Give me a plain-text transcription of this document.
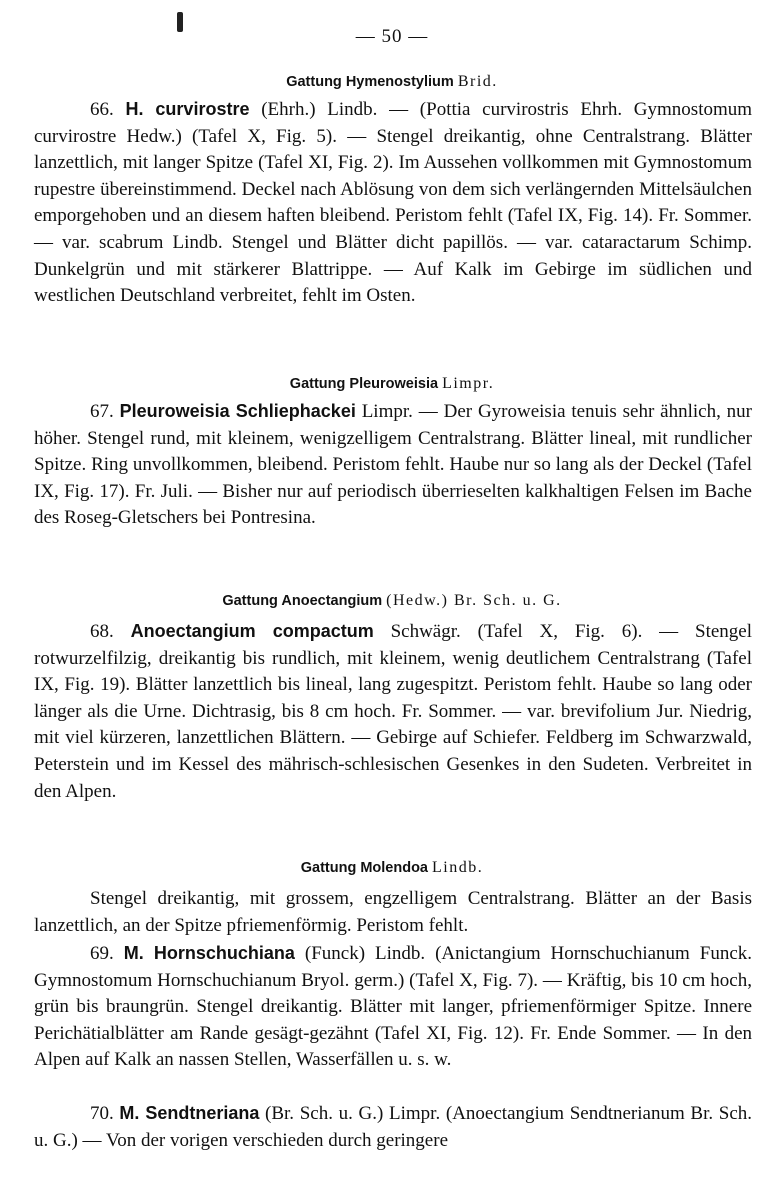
— 50 —
Gattung Hymenostylium Brid.

66. H. curvirostre (Ehrh.) Lindb. — (Pottia curvirostris Ehrh. Gymnostomum curvirostre Hedw.) (Tafel X, Fig. 5). — Stengel dreikantig, ohne Centralstrang. Blätter lanzettlich, mit langer Spitze (Tafel XI, Fig. 2). Im Aussehen vollkommen mit Gymnostomum rupestre übereinstimmend. Deckel nach Ablösung von dem sich verlängernden Mittelsäulchen emporgehoben und an diesem haften bleibend. Peristom fehlt (Tafel IX, Fig. 14). Fr. Sommer. — var. scabrum Lindb. Stengel und Blätter dicht papillös. — var. cataractarum Schimp. Dunkelgrün und mit stärkerer Blattrippe. — Auf Kalk im Gebirge im südlichen und westlichen Deutschland verbreitet, fehlt im Osten.

Gattung Pleuroweisia Limpr.

67. Pleuroweisia Schliephackei Limpr. — Der Gyroweisia tenuis sehr ähnlich, nur höher. Stengel rund, mit kleinem, wenigzelligem Centralstrang. Blätter lineal, mit rundlicher Spitze. Ring unvollkommen, bleibend. Peristom fehlt. Haube nur so lang als der Deckel (Tafel IX, Fig. 17). Fr. Juli. — Bisher nur auf periodisch überrieselten kalkhaltigen Felsen im Bache des Roseg-Gletschers bei Pontresina.

Gattung Anoectangium (Hedw.) Br. Sch. u. G.

68. Anoectangium compactum Schwägr. (Tafel X, Fig. 6). — Stengel rotwurzelfilzig, dreikantig bis rundlich, mit kleinem, wenig deutlichem Centralstrang (Tafel IX, Fig. 19). Blätter lanzettlich bis lineal, lang zugespitzt. Peristom fehlt. Haube so lang oder länger als die Urne. Dichtrasig, bis 8 cm hoch. Fr. Sommer. — var. brevifolium Jur. Niedrig, mit viel kürzeren, lanzettlichen Blättern. — Gebirge auf Schiefer. Feldberg im Schwarzwald, Peterstein und im Kessel des mährisch-schlesischen Gesenkes in den Sudeten. Verbreitet in den Alpen.

Gattung Molendoa Lindb.

Stengel dreikantig, mit grossem, engzelligem Centralstrang. Blätter an der Basis lanzettlich, an der Spitze pfriemenförmig. Peristom fehlt.

69. M. Hornschuchiana (Funck) Lindb. (Anictangium Hornschuchianum Funck. Gymnostomum Hornschuchianum Bryol. germ.) (Tafel X, Fig. 7). — Kräftig, bis 10 cm hoch, grün bis braungrün. Stengel dreikantig. Blätter mit langer, pfriemenförmiger Spitze. Innere Perichätialblätter am Rande gesägt-gezähnt (Tafel XI, Fig. 12). Fr. Ende Sommer. — In den Alpen auf Kalk an nassen Stellen, Wasserfällen u. s. w.

70. M. Sendtneriana (Br. Sch. u. G.) Limpr. (Anoectangium Sendtnerianum Br. Sch. u. G.) — Von der vorigen verschieden durch geringere
